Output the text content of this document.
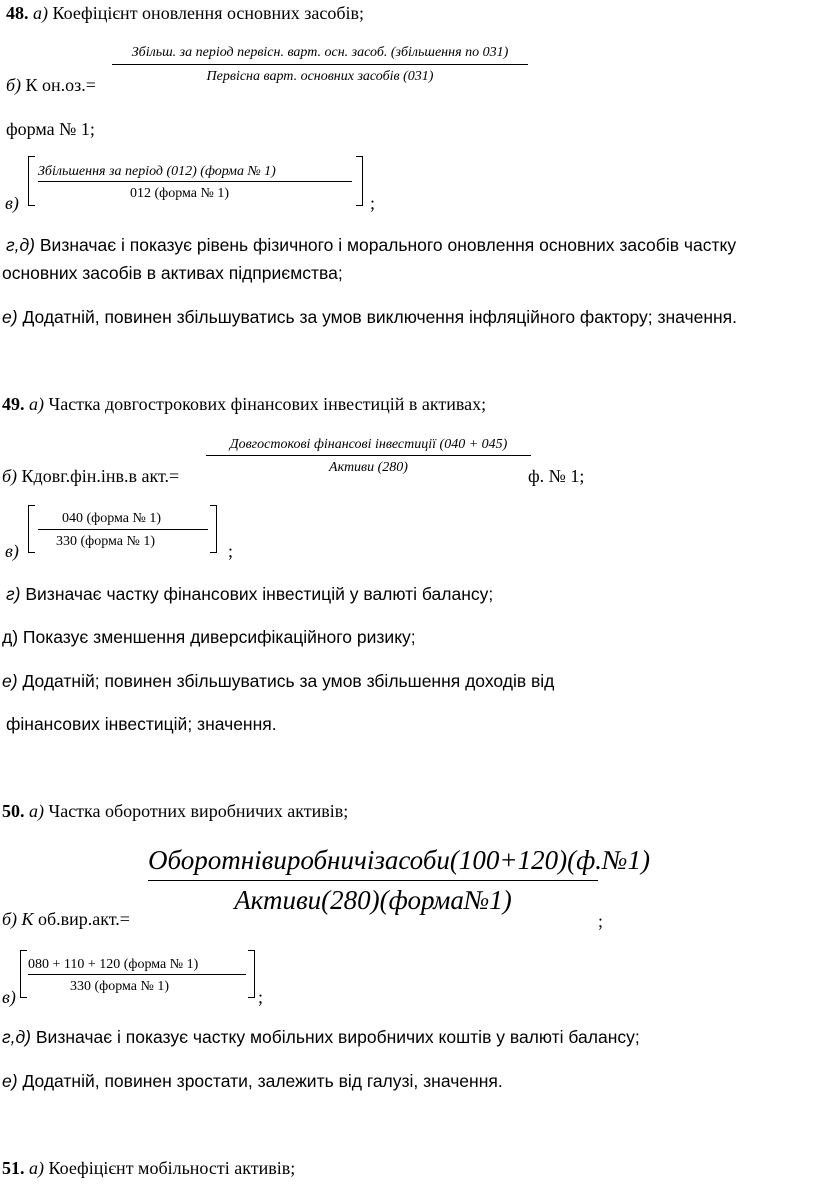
48. а) Коефіцієнт оновлення основних засобів;
Збільш. за період первісн. варт. осн. засоб. (збільшення по 031)
Первісна варт. основних засобів (031)
б) К он.оз.=
форма № 1;
Збільшення за період (012) (форма № 1)
012 (форма № 1)
в)	;
г,д) Визначає і показує рівень фізичного і морального оновлення основних засобів частку
основних засобів в активах підприємства;
е) Додатній, повинен збільшуватись за умов виключення інфляційного фактору; значення.
49. а) Частка довгострокових фінансових інвестицій в активах;
Довгостокові фінансові інвестиції (040 + 045)
Активи (280)
б) Кдовг.фін.інв.в акт.=	ф. № 1;
040 (форма № 1)
330 (форма № 1)
в)	;
г) Визначає частку фінансових інвестицій у валюті балансу;
д) Показує зменшення диверсифікаційного ризику;
е) Додатній; повинен збільшуватись за умов збільшення доходів від
фінансових інвестицій; значення.
50. а) Частка оборотних виробничих активів;
Оборотнівиробничізасоби(100+120)(ф.№1)
Активи(280)(форма№1)
б) К об.вир.акт.=	;
080 + 110 + 120 (форма № 1)
330 (форма № 1)
в)	;
г,д) Визначає і показує частку мобільних виробничих коштів у валюті балансу;
е) Додатній, повинен зростати, залежить від галузі, значення.
51. а) Коефіцієнт мобільності активів;
